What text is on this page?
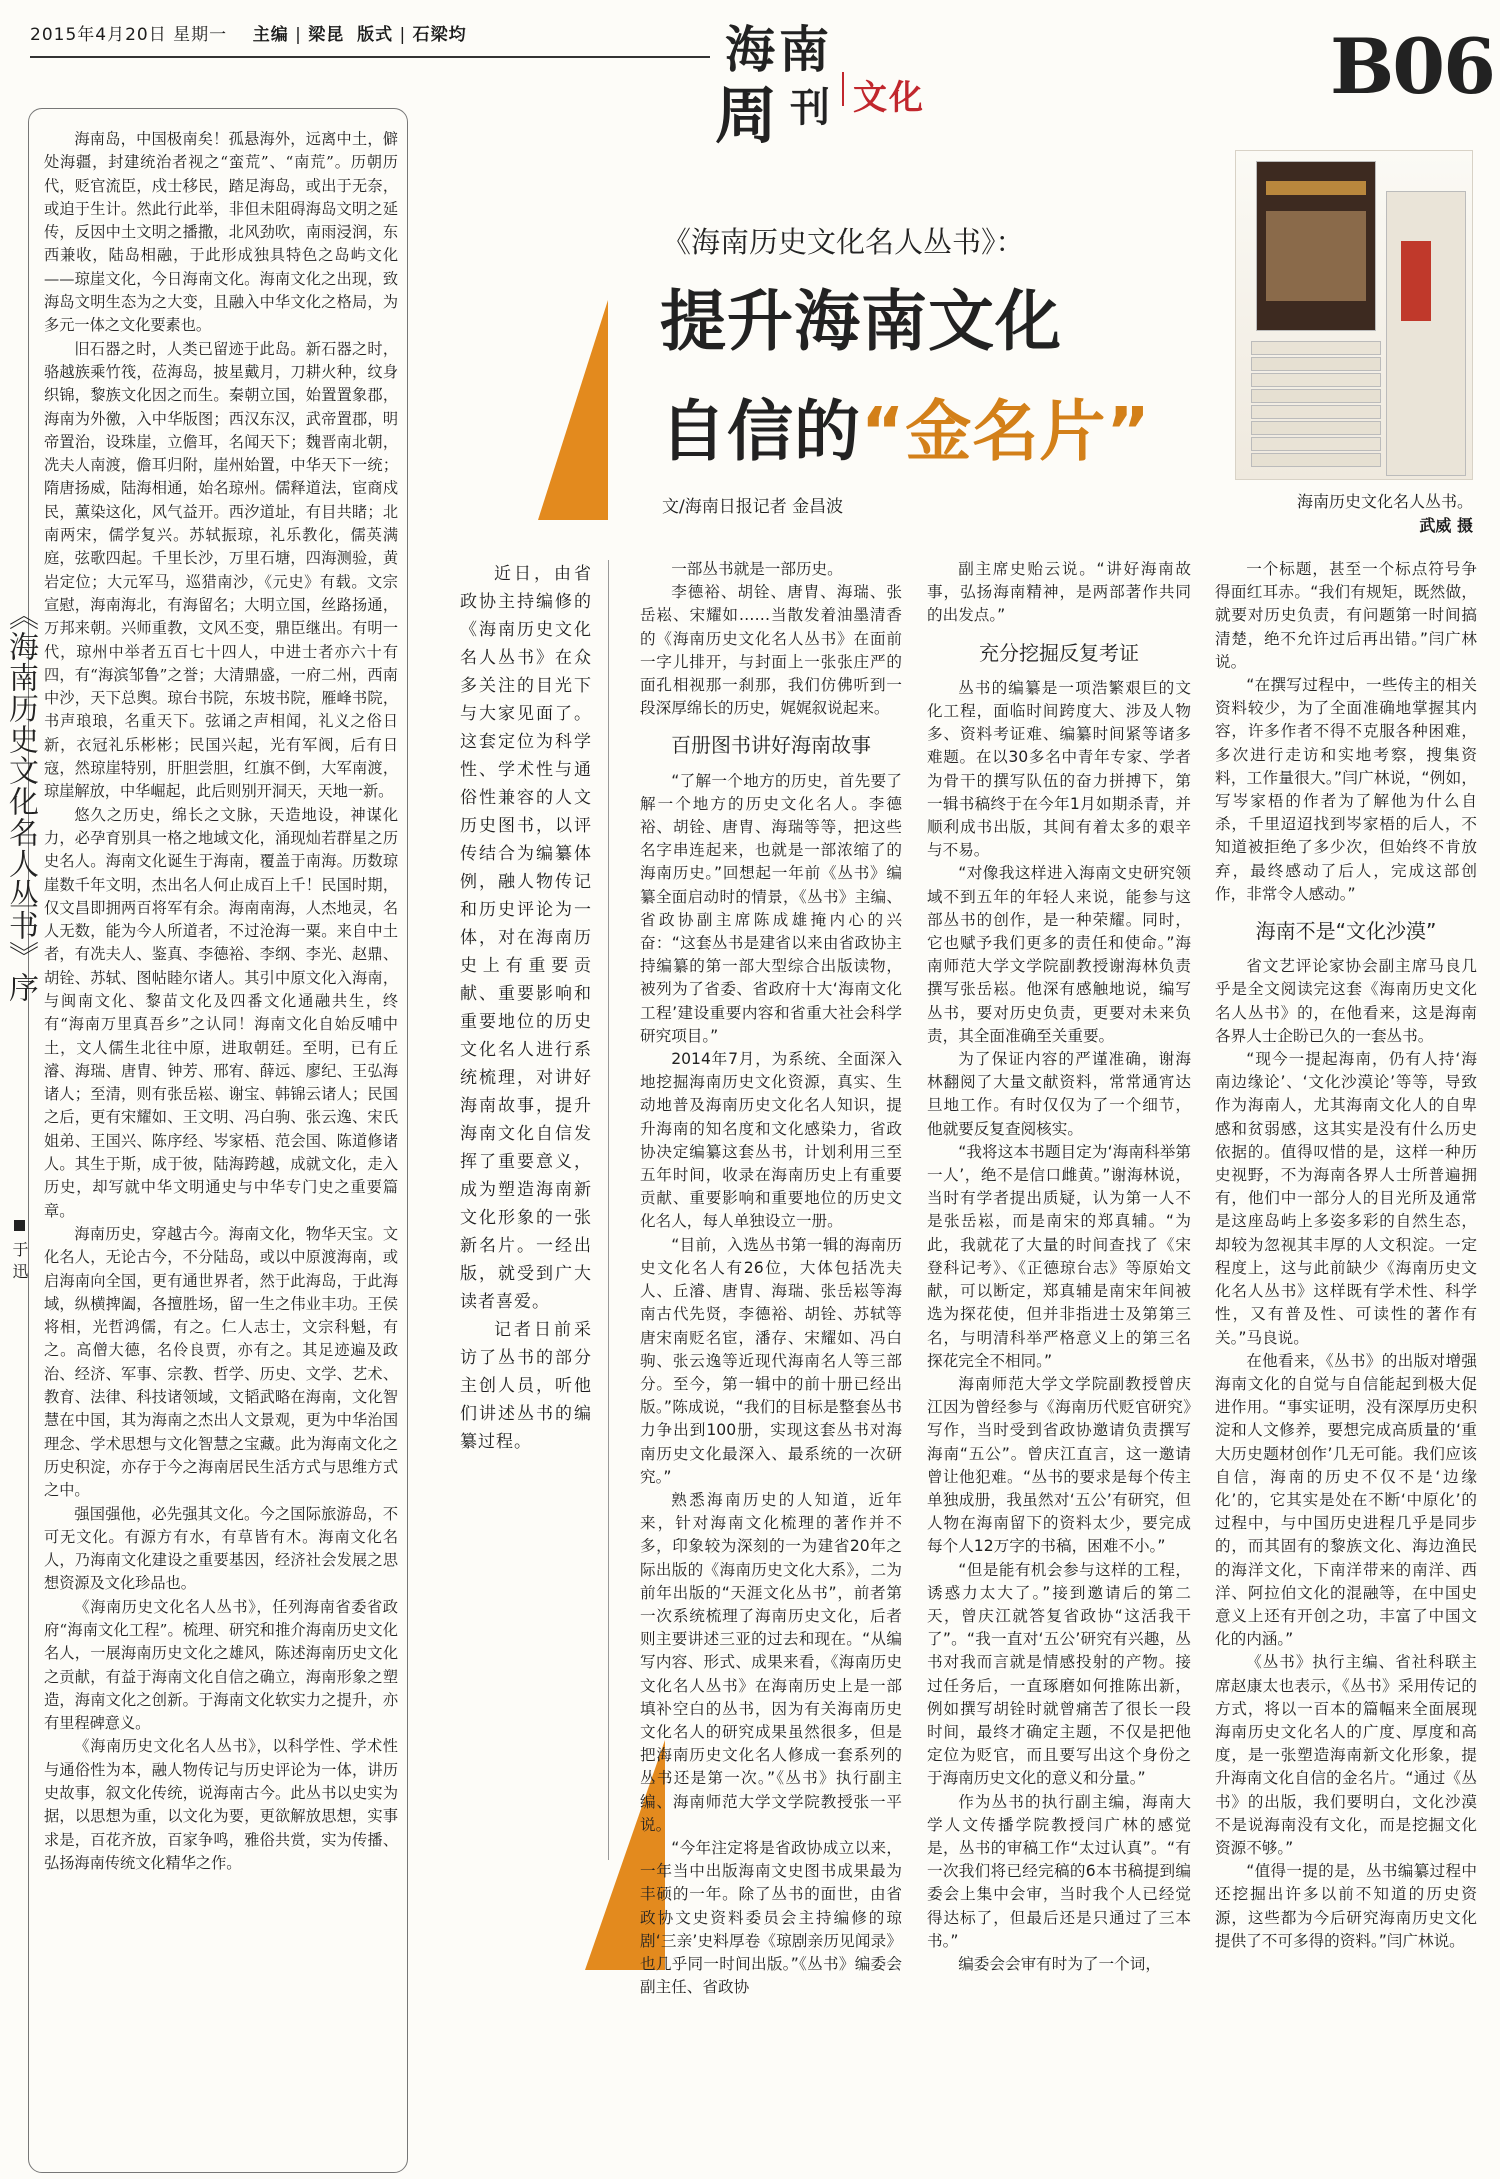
2015年4月20日 星期一 主编 | 梁昆 版式 | 石梁均	海南
周 刊 文化	B06
《海南历史文化名人丛书》序
于迅

海南岛，中国极南矣！孤悬海外，远离中土，僻处海疆，封建统治者视之“蛮荒”、“南荒”。历朝历代，贬官流臣，戍士移民，踏足海岛，或出于无奈，或迫于生计。然此行此举，非但未阻碍海岛文明之延传，反因中土文明之播撒，北风劲吹，南雨浸润，东西兼收，陆岛相融，于此形成独具特色之岛屿文化——琼崖文化，今日海南文化。海南文化之出现，致海岛文明生态为之大变，且融入中华文化之格局，为多元一体之文化要素也。

旧石器之时，人类已留迹于此岛。新石器之时，骆越族乘竹筏，莅海岛，披星戴月，刀耕火种，纹身织锦，黎族文化因之而生。秦朝立国，始置置象郡，海南为外徼，入中华版图；西汉东汉，武帝置郡，明帝置治，设珠崖，立儋耳，名闻天下；魏晋南北朝，冼夫人南渡，儋耳归附，崖州始置，中华天下一统；隋唐扬威，陆海相通，始名琼州。儒释道法，宦商戍民，薰染这化，风气益开。西汐道址，有目共睹；北南两宋，儒学复兴。苏轼振琼，礼乐教化，儒英满庭，弦歌四起。千里长沙，万里石塘，四海测验，黄岩定位；大元军马，巡猎南沙，《元史》有载。文宗宣慰，海南海北，有海留名；大明立国，丝路扬通，万邦来朝。兴师重教，文风丕变，鼎臣继出。有明一代，琼州中举者五百七十四人，中进士者亦六十有四，有“海滨邹鲁”之誉；大清鼎盛，一府二州，西南中沙，天下总舆。琼台书院，东坡书院，雁峰书院，书声琅琅，名重天下。弦诵之声相闻，礼义之俗日新，衣冠礼乐彬彬；民国兴起，光有军阀，后有日寇，然琼崖特别，肝胆尝胆，红旗不倒，大军南渡，琼崖解放，中华崛起，此后则别开洞天，天地一新。

悠久之历史，绵长之文脉，天造地设，神谋化力，必孕育别具一格之地域文化，涌现灿若群星之历史名人。海南文化诞生于海南，覆盖于南海。历数琼崖数千年文明，杰出名人何止成百上千！民国时期，仅文昌即拥两百将军有余。海南南海，人杰地灵，名人无数，能为今人所道者，不过沧海一粟。来自中土者，有冼夫人、鉴真、李德裕、李纲、李光、赵鼎、胡铨、苏轼、图帖睦尔诸人。其引中原文化入海南，与闽南文化、黎苗文化及四番文化通融共生，终有“海南万里真吾乡”之认同！海南文化自始反哺中土，文人儒生北往中原，进取朝廷。至明，已有丘濬、海瑞、唐胄、钟芳、邢宥、薛远、廖纪、王弘海诸人；至清，则有张岳崧、谢宝、韩锦云诸人；民国之后，更有宋耀如、王文明、冯白驹、张云逸、宋氏姐弟、王国兴、陈序经、岑家梧、范会国、陈道修诸人。其生于斯，成于彼，陆海跨越，成就文化，走入历史，却写就中华文明通史与中华专门史之重要篇章。

海南历史，穿越古今。海南文化，物华天宝。文化名人，无论古今，不分陆岛，或以中原渡海南，或启海南向全国，更有通世界者，然于此海岛，于此海域，纵横捭阖，各擅胜场，留一生之伟业丰功。王侯将相，光哲鸿儒，有之。仁人志士，文宗科魁，有之。高僧大德，名伶良贾，亦有之。其足迹遍及政治、经济、军事、宗教、哲学、历史、文学、艺术、教育、法律、科技诸领域，文韬武略在海南，文化智慧在中国，其为海南之杰出人文景观，更为中华治国理念、学术思想与文化智慧之宝藏。此为海南文化之历史积淀，亦存于今之海南居民生活方式与思维方式之中。

强国强他，必先强其文化。今之国际旅游岛，不可无文化。有源方有水，有草皆有木。海南文化名人，乃海南文化建设之重要基因，经济社会发展之思想资源及文化珍品也。

《海南历史文化名人丛书》，任列海南省委省政府“海南文化工程”。梳理、研究和推介海南历史文化名人，一展海南历史文化之雄风，陈述海南历史文化之贡献，有益于海南文化自信之确立，海南形象之塑造，海南文化之创新。于海南文化软实力之提升，亦有里程碑意义。

《海南历史文化名人丛书》，以科学性、学术性与通俗性为本，融人物传记与历史评论为一体，讲历史故事，叙文化传统，说海南古今。此丛书以史实为据，以思想为重，以文化为要，更欲解放思想，实事求是，百花齐放，百家争鸣，雅俗共赏，实为传播、弘扬海南传统文化精华之作。

《海南历史文化名人丛书》：
提升海南文化
自信的“金名片”
文/海南日报记者 金昌波	海南历史文化名人丛书。
武威 摄

近日，由省政协主持编修的《海南历史文化名人丛书》在众多关注的目光下与大家见面了。这套定位为科学性、学术性与通俗性兼容的人文历史图书，以评传结合为编纂体例，融人物传记和历史评论为一体，对在海南历史上有重要贡献、重要影响和重要地位的历史文化名人进行系统梳理，对讲好海南故事，提升海南文化自信发挥了重要意义，成为塑造海南新文化形象的一张新名片。一经出版，就受到广大读者喜爱。

记者日前采访了丛书的部分主创人员，听他们讲述丛书的编纂过程。

一部丛书就是一部历史。

李德裕、胡铨、唐胄、海瑞、张岳崧、宋耀如……当散发着油墨清香的《海南历史文化名人丛书》在面前一字儿排开，与封面上一张张庄严的面孔相视那一刹那，我们仿佛听到一段深厚绵长的历史，娓娓叙说起来。

百册图书讲好海南故事

“了解一个地方的历史，首先要了解一个地方的历史文化名人。李德裕、胡铨、唐胄、海瑞等等，把这些名字串连起来，也就是一部浓缩了的海南历史。”回想起一年前《丛书》编纂全面启动时的情景，《丛书》主编、省政协副主席陈成雄掩内心的兴奋：“这套丛书是建省以来由省政协主持编纂的第一部大型综合出版读物，被列为了省委、省政府十大‘海南文化工程’建设重要内容和省重大社会科学研究项目。”

2014年7月，为系统、全面深入地挖掘海南历史文化资源，真实、生动地普及海南历史文化名人知识，提升海南的知名度和文化感染力，省政协决定编纂这套丛书，计划利用三至五年时间，收录在海南历史上有重要贡献、重要影响和重要地位的历史文化名人，每人单独设立一册。

“目前，入选丛书第一辑的海南历史文化名人有26位，大体包括冼夫人、丘濬、唐胄、海瑞、张岳崧等海南古代先贤，李德裕、胡铨、苏轼等唐宋南贬名宦，潘存、宋耀如、冯白驹、张云逸等近现代海南名人等三部分。至今，第一辑中的前十册已经出版。”陈成说，“我们的目标是整套丛书力争出到100册，实现这套丛书对海南历史文化最深入、最系统的一次研究。”

熟悉海南历史的人知道，近年来，针对海南文化梳理的著作并不多，印象较为深刻的一为建省20年之际出版的《海南历史文化大系》，二为前年出版的“天涯文化丛书”，前者第一次系统梳理了海南历史文化，后者则主要讲述三亚的过去和现在。“从编写内容、形式、成果来看，《海南历史文化名人丛书》在海南历史上是一部填补空白的丛书，因为有关海南历史文化名人的研究成果虽然很多，但是把海南历史文化名人修成一套系列的丛书还是第一次。”《丛书》执行副主编、海南师范大学文学院教授张一平说。

“今年注定将是省政协成立以来，一年当中出版海南文史图书成果最为丰硕的一年。除了丛书的面世，由省政协文史资料委员会主持编修的琼剧‘三亲’史料厚卷《琼剧亲历见闻录》也几乎同一时间出版。”《丛书》编委会副主任、省政协

副主席史贻云说。“讲好海南故事，弘扬海南精神，是两部著作共同的出发点。”

充分挖掘反复考证

丛书的编纂是一项浩繁艰巨的文化工程，面临时间跨度大、涉及人物多、资料考证难、编纂时间紧等诸多难题。在以30多名中青年专家、学者为骨干的撰写队伍的奋力拼搏下，第一辑书稿终于在今年1月如期杀青，并顺利成书出版，其间有着太多的艰辛与不易。

“对像我这样进入海南文史研究领域不到五年的年轻人来说，能参与这部丛书的创作，是一种荣耀。同时，它也赋予我们更多的责任和使命。”海南师范大学文学院副教授谢海林负责撰写张岳崧。他深有感触地说，编写丛书，要对历史负责，更要对未来负责，其全面准确至关重要。

为了保证内容的严谨准确，谢海林翻阅了大量文献资料，常常通宵达旦地工作。有时仅仅为了一个细节，他就要反复查阅核实。

“我将这本书题目定为‘海南科举第一人’，绝不是信口雌黄。”谢海林说，当时有学者提出质疑，认为第一人不是张岳崧，而是南宋的郑真辅。“为此，我就花了大量的时间查找了《宋登科记考》、《正德琼台志》等原始文献，可以断定，郑真辅是南宋年间被选为探花使，但并非指进士及第第三名，与明清科举严格意义上的第三名探花完全不相同。”

海南师范大学文学院副教授曾庆江因为曾经参与《海南历代贬官研究》写作，当时受到省政协邀请负责撰写海南“五公”。曾庆江直言，这一邀请曾让他犯难。“丛书的要求是每个传主单独成册，我虽然对‘五公’有研究，但人物在海南留下的资料太少，要完成每个人12万字的书稿，困难不小。”

“但是能有机会参与这样的工程，诱惑力太大了。”接到邀请后的第二天，曾庆江就答复省政协“这活我干了”。“我一直对‘五公’研究有兴趣，丛书对我而言就是情感投射的产物。接过任务后，一直琢磨如何推陈出新，例如撰写胡铨时就曾痛苦了很长一段时间，最终才确定主题，不仅是把他定位为贬官，而且要写出这个身份之于海南历史文化的意义和分量。”

作为丛书的执行副主编，海南大学人文传播学院教授闫广林的感觉是，丛书的审稿工作“太过认真”。“有一次我们将已经完稿的6本书稿提到编委会上集中会审，当时我个人已经觉得达标了，但最后还是只通过了三本书。”

编委会会审有时为了一个词，

一个标题，甚至一个标点符号争得面红耳赤。“我们有规矩，既然做，就要对历史负责，有问题第一时间搞清楚，绝不允许过后再出错。”闫广林说。

“在撰写过程中，一些传主的相关资料较少，为了全面准确地掌握其内容，许多作者不得不克服各种困难，多次进行走访和实地考察，搜集资料，工作量很大。”闫广林说，“例如，写岑家梧的作者为了解他为什么自杀，千里迢迢找到岑家梧的后人，不知道被拒绝了多少次，但始终不肯放弃，最终感动了后人，完成这部创作，非常令人感动。”

海南不是“文化沙漠”

省文艺评论家协会副主席马良几乎是全文阅读完这套《海南历史文化名人丛书》的，在他看来，这是海南各界人士企盼已久的一套丛书。

“现今一提起海南，仍有人持‘海南边缘论’、‘文化沙漠论’等等，导致作为海南人，尤其海南文化人的自卑感和贫弱感，这其实是没有什么历史依据的。值得叹惜的是，这样一种历史视野，不为海南各界人士所普遍拥有，他们中一部分人的目光所及通常是这座岛屿上多姿多彩的自然生态，却较为忽视其丰厚的人文积淀。一定程度上，这与此前缺少《海南历史文化名人丛书》这样既有学术性、科学性，又有普及性、可读性的著作有关。”马良说。

在他看来，《丛书》的出版对增强海南文化的自觉与自信能起到极大促进作用。“事实证明，没有深厚历史积淀和人文修养，要想完成高质量的‘重大历史题材创作’几无可能。我们应该自信，海南的历史不仅不是‘边缘化’的，它其实是处在不断‘中原化’的过程中，与中国历史进程几乎是同步的，而其固有的黎族文化、海边渔民的海洋文化，下南洋带来的南洋、西洋、阿拉伯文化的混融等，在中国史意义上还有开创之功，丰富了中国文化的内涵。”

《丛书》执行主编、省社科联主席赵康太也表示，《丛书》采用传记的方式，将以一百本的篇幅来全面展现海南历史文化名人的广度、厚度和高度，是一张塑造海南新文化形象，提升海南文化自信的金名片。“通过《丛书》的出版，我们要明白，文化沙漠不是说海南没有文化，而是挖掘文化资源不够。”

“值得一提的是，丛书编纂过程中还挖掘出许多以前不知道的历史资源，这些都为今后研究海南历史文化提供了不可多得的资料。”闫广林说。
